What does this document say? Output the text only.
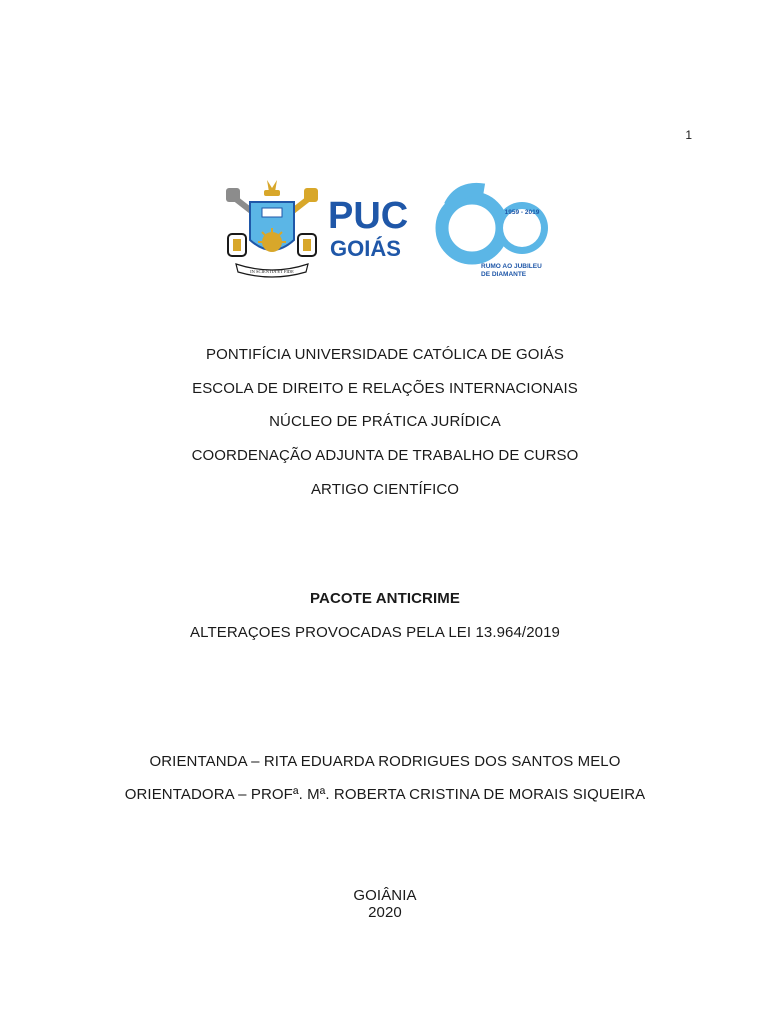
1
IN SCIENTIA ET FIDE
PUC
GOIÁS
60
1959 - 2019
RUMO AO JUBILEU
DE DIAMANTE
PONTIFÍCIA UNIVERSIDADE CATÓLICA DE GOIÁS
ESCOLA DE DIREITO E RELAÇÕES INTERNACIONAIS
NÚCLEO DE PRÁTICA JURÍDICA
COORDENAÇÃO ADJUNTA DE TRABALHO DE CURSO
ARTIGO CIENTÍFICO
PACOTE ANTICRIME
ALTERAÇOES PROVOCADAS PELA LEI 13.964/2019
ORIENTANDA – RITA EDUARDA RODRIGUES DOS SANTOS MELO
ORIENTADORA – PROFª. Mª. ROBERTA CRISTINA DE MORAIS SIQUEIRA
GOIÂNIA
2020
